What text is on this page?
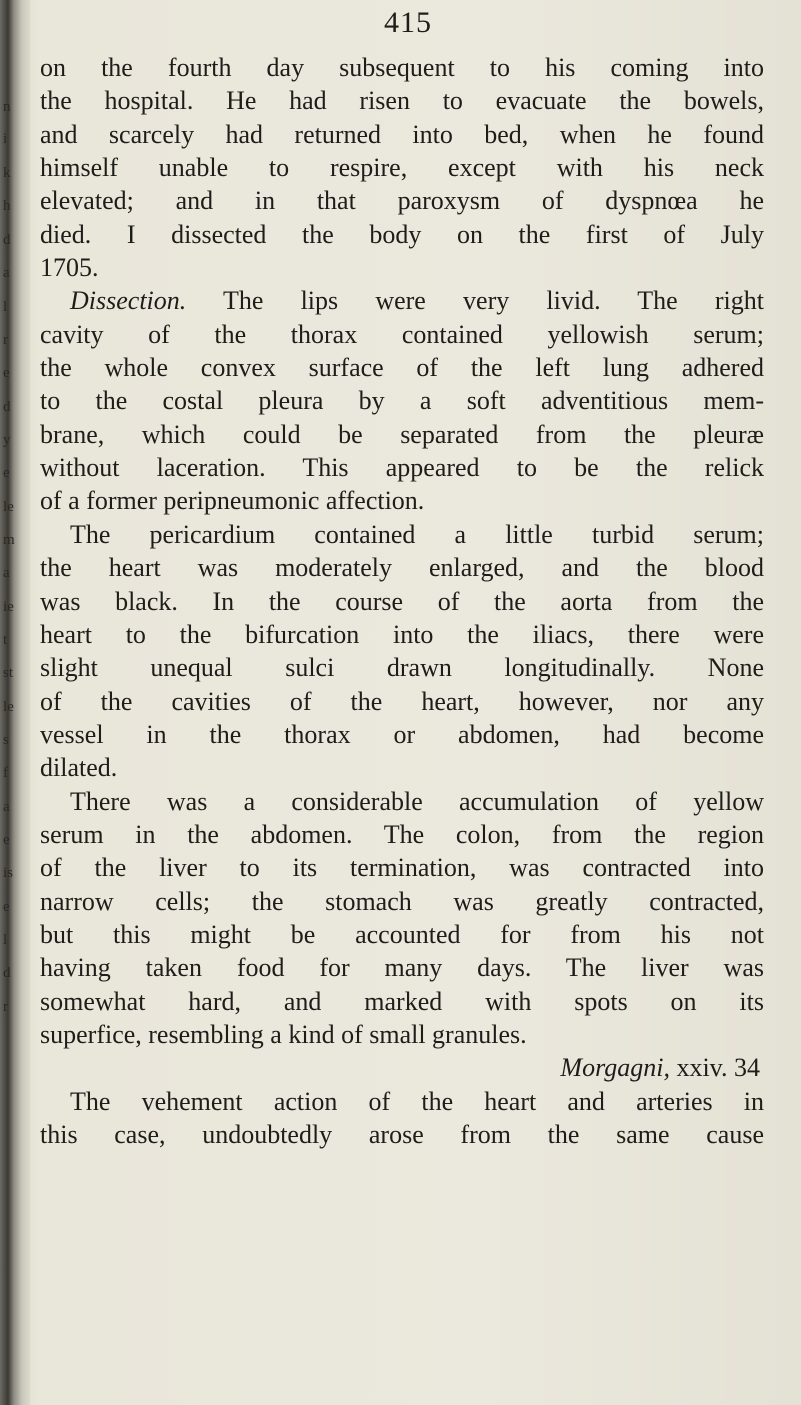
n
i
k
h
d
a
l
r
e
d
y
e
le
m
a
ie
t
st
le
s
f
a
e
is
e
l
d
r
415
on the fourth day subsequent to his coming into
the hospital. He had risen to evacuate the bowels,
and scarcely had returned into bed, when he found
himself unable to respire, except with his neck
elevated; and in that paroxysm of dyspnœa he
died. I dissected the body on the first of July
1705.
Dissection. The lips were very livid. The right
cavity of the thorax contained yellowish serum;
the whole convex surface of the left lung adhered
to the costal pleura by a soft adventitious mem-
brane, which could be separated from the pleuræ
without laceration. This appeared to be the relick
of a former peripneumonic affection.
The pericardium contained a little turbid serum;
the heart was moderately enlarged, and the blood
was black. In the course of the aorta from the
heart to the bifurcation into the iliacs, there were
slight unequal sulci drawn longitudinally. None
of the cavities of the heart, however, nor any
vessel in the thorax or abdomen, had become
dilated.
There was a considerable accumulation of yellow
serum in the abdomen. The colon, from the region
of the liver to its termination, was contracted into
narrow cells; the stomach was greatly contracted,
but this might be accounted for from his not
having taken food for many days. The liver was
somewhat hard, and marked with spots on its
superfice, resembling a kind of small granules.
Morgagni, xxiv. 34
The vehement action of the heart and arteries in
this case, undoubtedly arose from the same cause
